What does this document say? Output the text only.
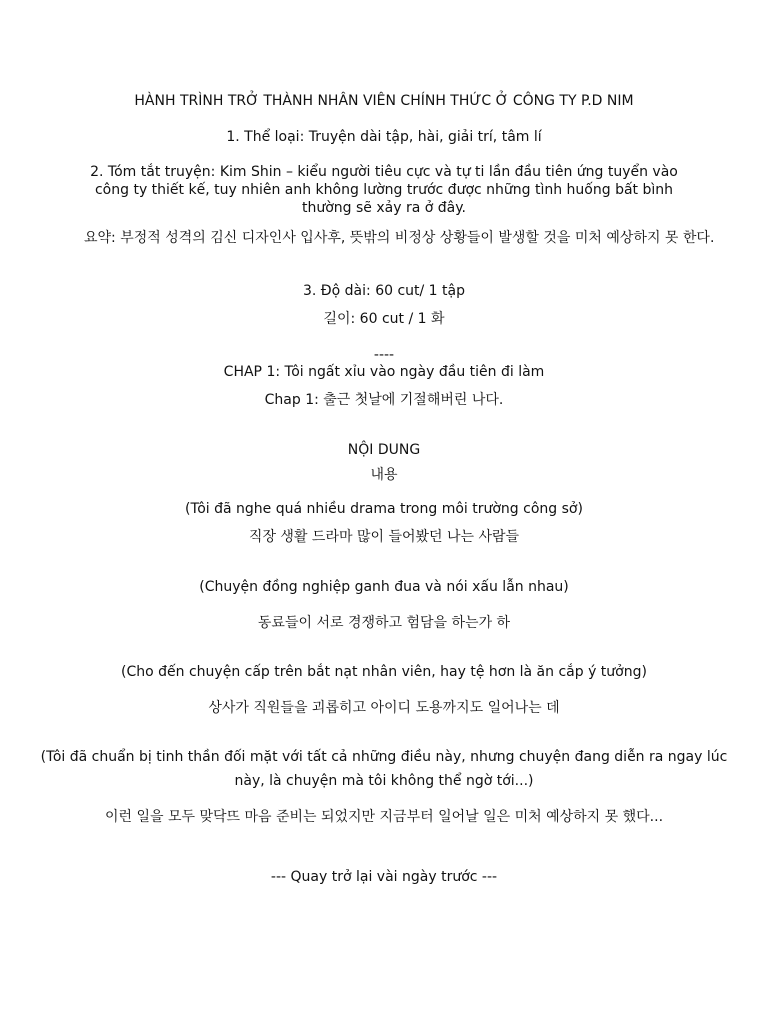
HÀNH TRÌNH TRỞ THÀNH NHÂN VIÊN CHÍNH THỨC Ở CÔNG TY P.D NIM
1. Thể loại: Truyện dài tập, hài, giải trí, tâm lí
2. Tóm tắt truyện: Kim Shin – kiểu người tiêu cực và tự ti lần đầu tiên ứng tuyển vào công ty thiết kế, tuy nhiên anh không lường trước được những tình huống bất bình thường sẽ xảy ra ở đây.
요약: 부정적 성격의 김신 디자인사 입사후, 뜻밖의 비정상 상황들이 발생할 것을 미처 예상하지 못 한다.
3. Độ dài: 60 cut/ 1 tập
길이: 60 cut / 1 화
----
CHAP 1: Tôi ngất xỉu vào ngày đầu tiên đi làm
Chap 1: 출근 첫날에 기절해버린 나다.
NỘI DUNG
내용
(Tôi đã nghe quá nhiều drama trong môi trường công sở)
직장 생활 드라마 많이 들어봤던 나는 사람들
(Chuyện đồng nghiệp ganh đua và nói xấu lẫn nhau)
동료들이 서로 경쟁하고 험담을 하는가 하
(Cho đến chuyện cấp trên bắt nạt nhân viên, hay tệ hơn là ăn cắp ý tưởng)
상사가 직원들을 괴롭히고 아이디 도용까지도 일어나는 데
(Tôi đã chuẩn bị tinh thần đối mặt với tất cả những điều này, nhưng chuyện đang diễn ra ngay lúc này, là chuyện mà tôi không thể ngờ tới...)
이런 일을 모두 맞닥뜨 마음 준비는 되었지만 지금부터 일어날 일은 미처 예상하지 못 했다...
--- Quay trở lại vài ngày trước ---
